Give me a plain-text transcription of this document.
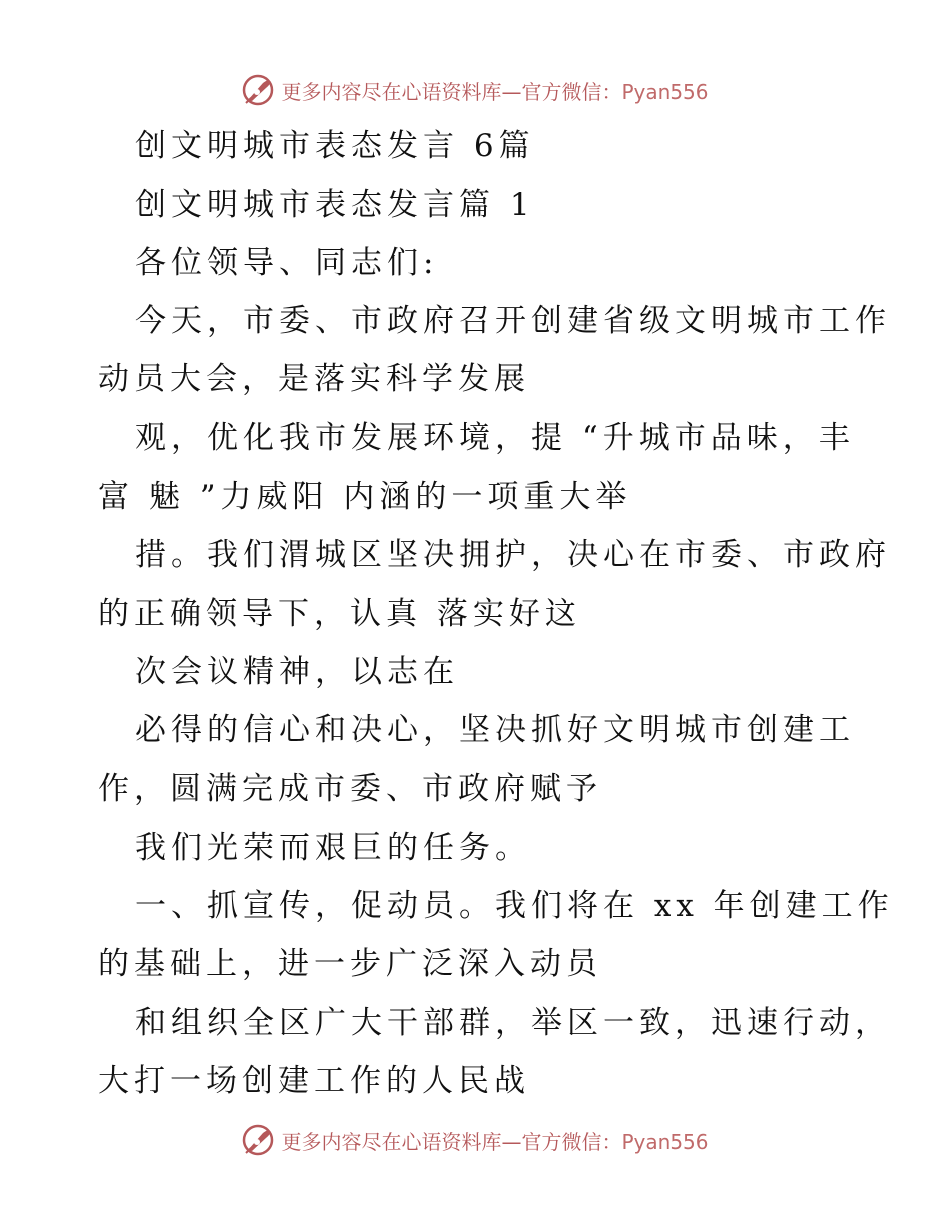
更多内容尽在心语资料库—官方微信：Pyan556
创文明城市表态发言 6篇
创文明城市表态发言篇 1
各位领导、同志们:
今天，市委、市政府召开创建省级文明城市工作
动员大会，是落实科学发展
观，优化我市发展环境，提 “升城市品味，丰
富 魅 ”力威阳 内涵的一项重大举
措。我们渭城区坚决拥护，决心在市委、市政府
的正确领导下，认真 落实好这
次会议精神，以志在
必得的信心和决心，坚决抓好文明城市创建工
作，圆满完成市委、市政府赋予
我们光荣而艰巨的任务。
一、抓宣传，促动员。我们将在 xx 年创建工作
的基础上，进一步广泛深入动员
和组织全区广大干部群，举区一致，迅速行动，
大打一场创建工作的人民战
更多内容尽在心语资料库—官方微信：Pyan556
